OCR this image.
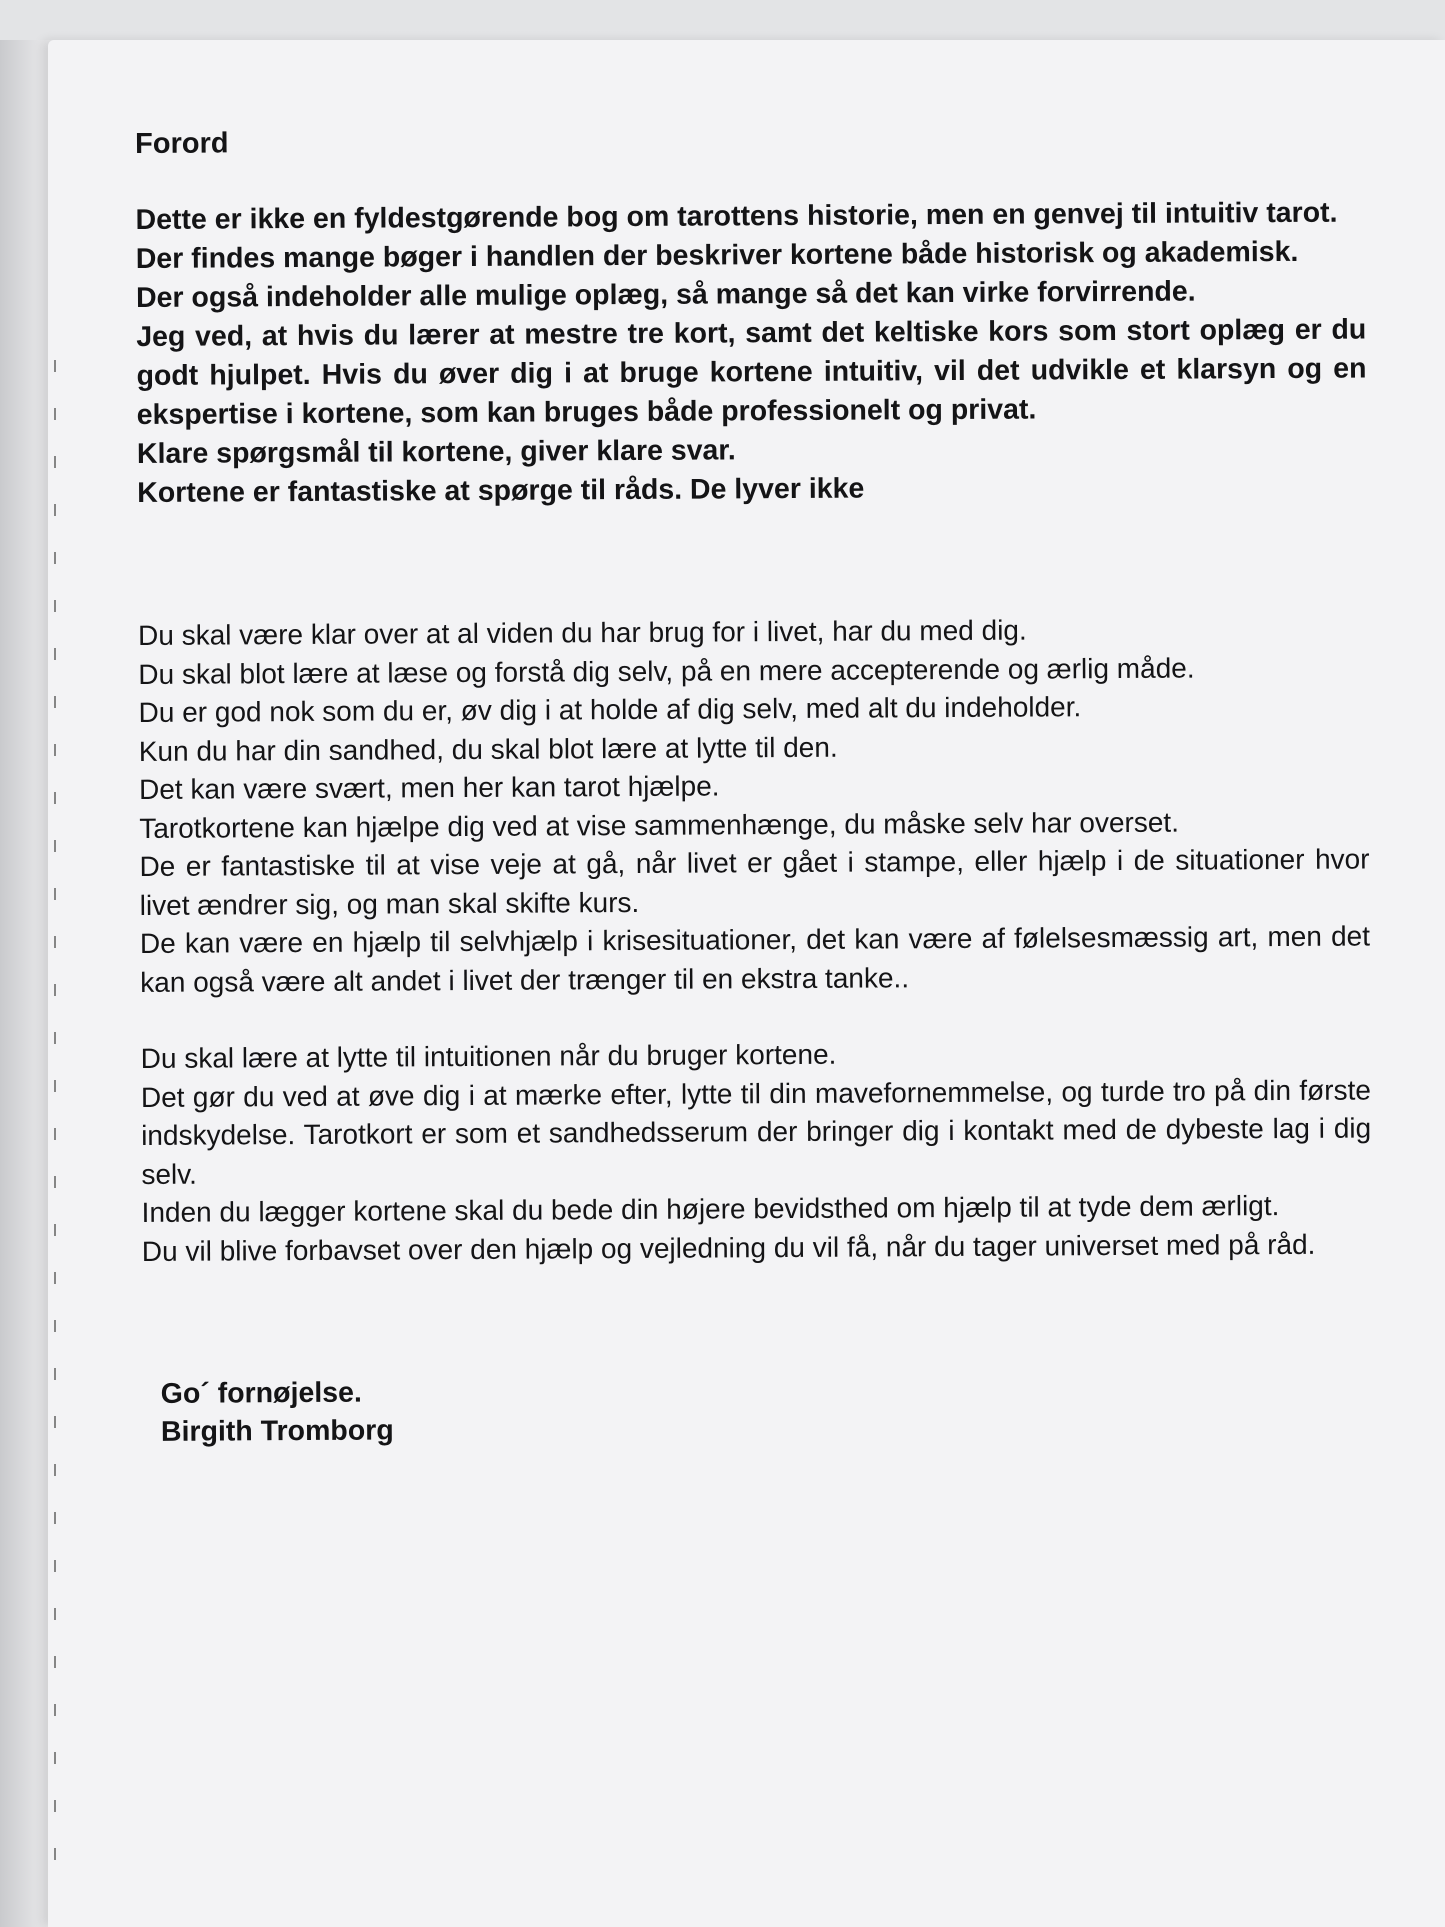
Forord

Dette er ikke en fyldestgørende bog om tarottens historie, men en genvej til intuitiv tarot.

Der findes mange bøger i handlen der beskriver kortene både historisk og akademisk.

Der også indeholder alle mulige oplæg, så mange så det kan virke forvirrende.

Jeg ved, at hvis du lærer at mestre tre kort, samt det keltiske kors som stort oplæg er du godt hjulpet. Hvis du øver dig i at bruge kortene intuitiv, vil det udvikle et klarsyn og en ekspertise i kortene, som kan bruges både professionelt og privat.

Klare spørgsmål til kortene, giver klare svar.

Kortene er fantastiske at spørge til råds. De lyver ikke

Du skal være klar over at al viden du har brug for i livet, har du med dig.

Du skal blot lære at læse og forstå dig selv, på en mere accepterende og ærlig måde.

Du er god nok som du er, øv dig i at holde af dig selv, med alt du indeholder.

Kun du har din sandhed, du skal blot lære at lytte til den.

Det kan være svært, men her kan tarot hjælpe.

Tarotkortene kan hjælpe dig ved at vise sammenhænge, du måske selv har overset.

De er fantastiske til at vise veje at gå, når livet er gået i stampe, eller hjælp i de situationer hvor livet ændrer sig, og man skal skifte kurs.

De kan være en hjælp til selvhjælp i krisesituationer, det kan være af følelsesmæssig art, men det kan også være alt andet i livet der trænger til en ekstra tanke..

Du skal lære at lytte til intuitionen når du bruger kortene.

Det gør du ved at øve dig i at mærke efter, lytte til din mavefornemmelse, og turde tro på din første indskydelse. Tarotkort er som et sandhedsserum der bringer dig i kontakt med de dybeste lag i dig selv.

Inden du lægger kortene skal du bede din højere bevidsthed om hjælp til at tyde dem ærligt.

Du vil blive forbavset over den hjælp og vejledning du vil få, når du tager universet med på råd.

Go´ fornøjelse.

Birgith Tromborg
